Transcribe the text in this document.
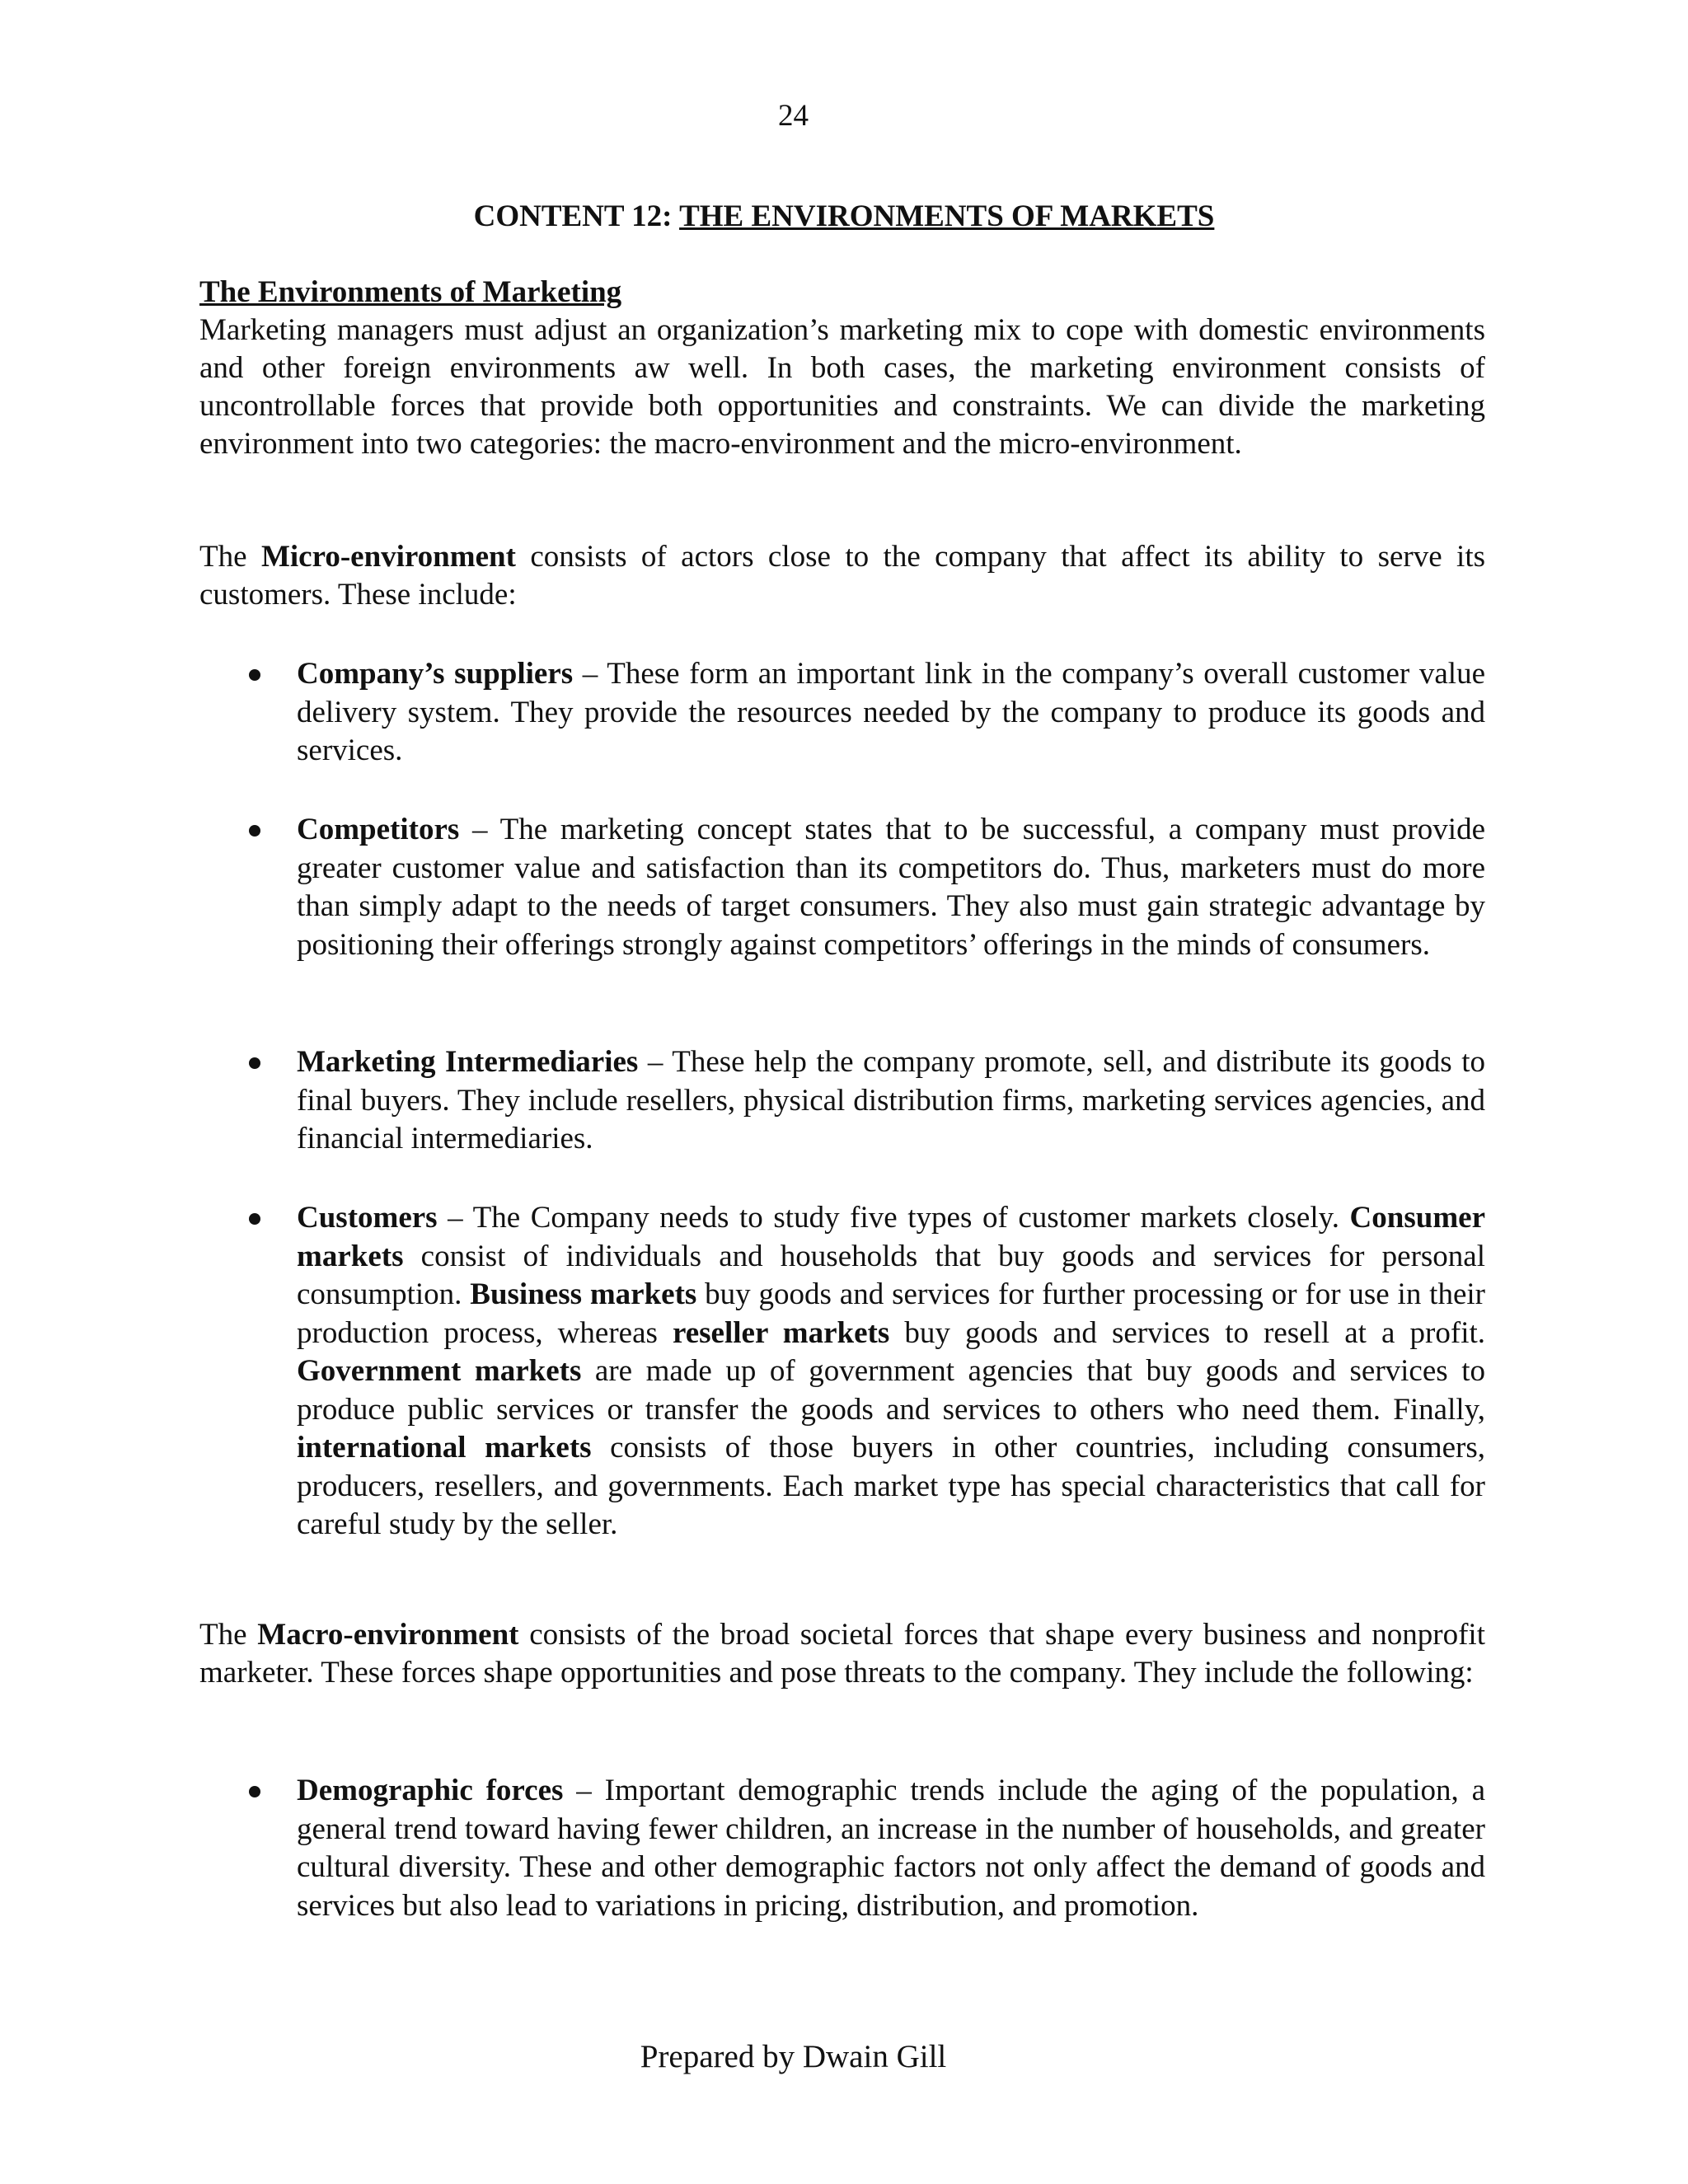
24
CONTENT 12: THE ENVIRONMENTS OF MARKETS
The Environments of Marketing

Marketing managers must adjust an organization’s marketing mix to cope with domestic environments and other foreign environments aw well. In both cases, the marketing environment consists of uncontrollable forces that provide both opportunities and constraints. We can divide the marketing environment into two categories: the macro-environment and the micro-environment.

The Micro-environment consists of actors close to the company that affect its ability to serve its customers. These include:

Company’s suppliers – These form an important link in the company’s overall customer value delivery system. They provide the resources needed by the company to produce its goods and services.
Competitors – The marketing concept states that to be successful, a company must provide greater customer value and satisfaction than its competitors do. Thus, marketers must do more than simply adapt to the needs of target consumers. They also must gain strategic advantage by positioning their offerings strongly against competitors’ offerings in the minds of consumers.
Marketing Intermediaries – These help the company promote, sell, and distribute its goods to final buyers. They include resellers, physical distribution firms, marketing services agencies, and financial intermediaries.
Customers – The Company needs to study five types of customer markets closely. Consumer markets consist of individuals and households that buy goods and services for personal consumption. Business markets buy goods and services for further processing or for use in their production process, whereas reseller markets buy goods and services to resell at a profit. Government markets are made up of government agencies that buy goods and services to produce public services or transfer the goods and services to others who need them. Finally, international markets consists of those buyers in other countries, including consumers, producers, resellers, and governments. Each market type has special characteristics that call for careful study by the seller.

The Macro-environment consists of the broad societal forces that shape every business and nonprofit marketer. These forces shape opportunities and pose threats to the company. They include the following:

Demographic forces – Important demographic trends include the aging of the population, a general trend toward having fewer children, an increase in the number of households, and greater cultural diversity. These and other demographic factors not only affect the demand of goods and services but also lead to variations in pricing, distribution, and promotion.
Prepared by Dwain Gill
